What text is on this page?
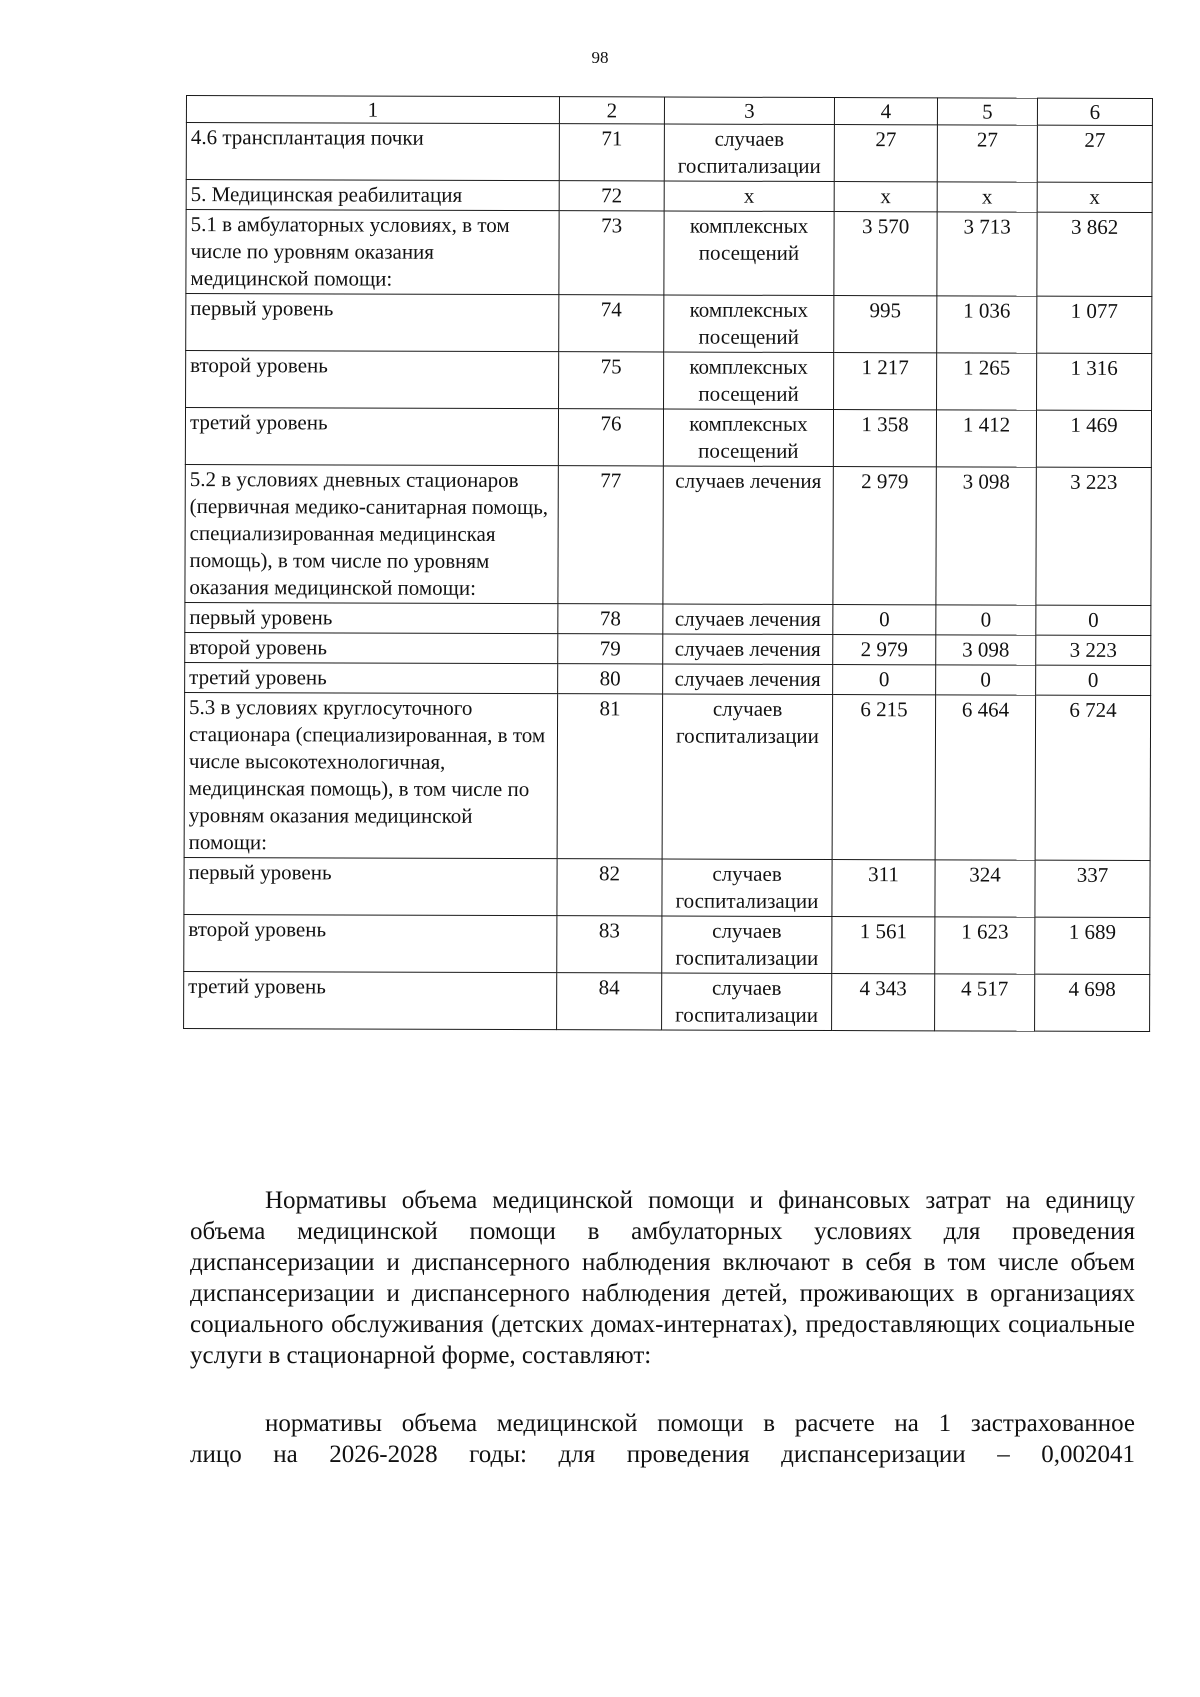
98
1	2	3	4	5	6
4.6 трансплантация почки	71	случаев госпитализации	27	27	27
5. Медицинская реабилитация	72	х	х	х	х
5.1 в амбулаторных условиях, в том числе по уровням оказания медицинской помощи:	73	комплексных посещений	3 570	3 713	3 862
первый уровень	74	комплексных посещений	995	1 036	1 077
второй уровень	75	комплексных посещений	1 217	1 265	1 316
третий уровень	76	комплексных посещений	1 358	1 412	1 469
5.2 в условиях дневных стационаров (первичная медико-санитарная помощь, специализированная медицинская помощь), в том числе по уровням оказания медицинской помощи:	77	случаев лечения	2 979	3 098	3 223
первый уровень	78	случаев лечения	0	0	0
второй уровень	79	случаев лечения	2 979	3 098	3 223
третий уровень	80	случаев лечения	0	0	0
5.3 в условиях круглосуточного стационара (специализированная, в том числе высокотехнологичная, медицинская помощь), в том числе по уровням оказания медицинской помощи:	81	случаев госпитализации	6 215	6 464	6 724
первый уровень	82	случаев госпитализации	311	324	337
второй уровень	83	случаев госпитализации	1 561	1 623	1 689
третий уровень	84	случаев госпитализации	4 343	4 517	4 698
Нормативы объема медицинской помощи и финансовых затрат на единицу объема медицинской помощи в амбулаторных условиях для проведения диспансеризации и диспансерного наблюдения включают в себя в том числе объем диспансеризации и диспансерного наблюдения детей, проживающих в организациях социального обслуживания (детских домах-интернатах), предоставляющих социальные услуги в стационарной форме, составляют:
нормативы объема медицинской помощи в расчете на 1 застрахованное
лицо на 2026-2028 годы: для проведения диспансеризации – 0,002041
